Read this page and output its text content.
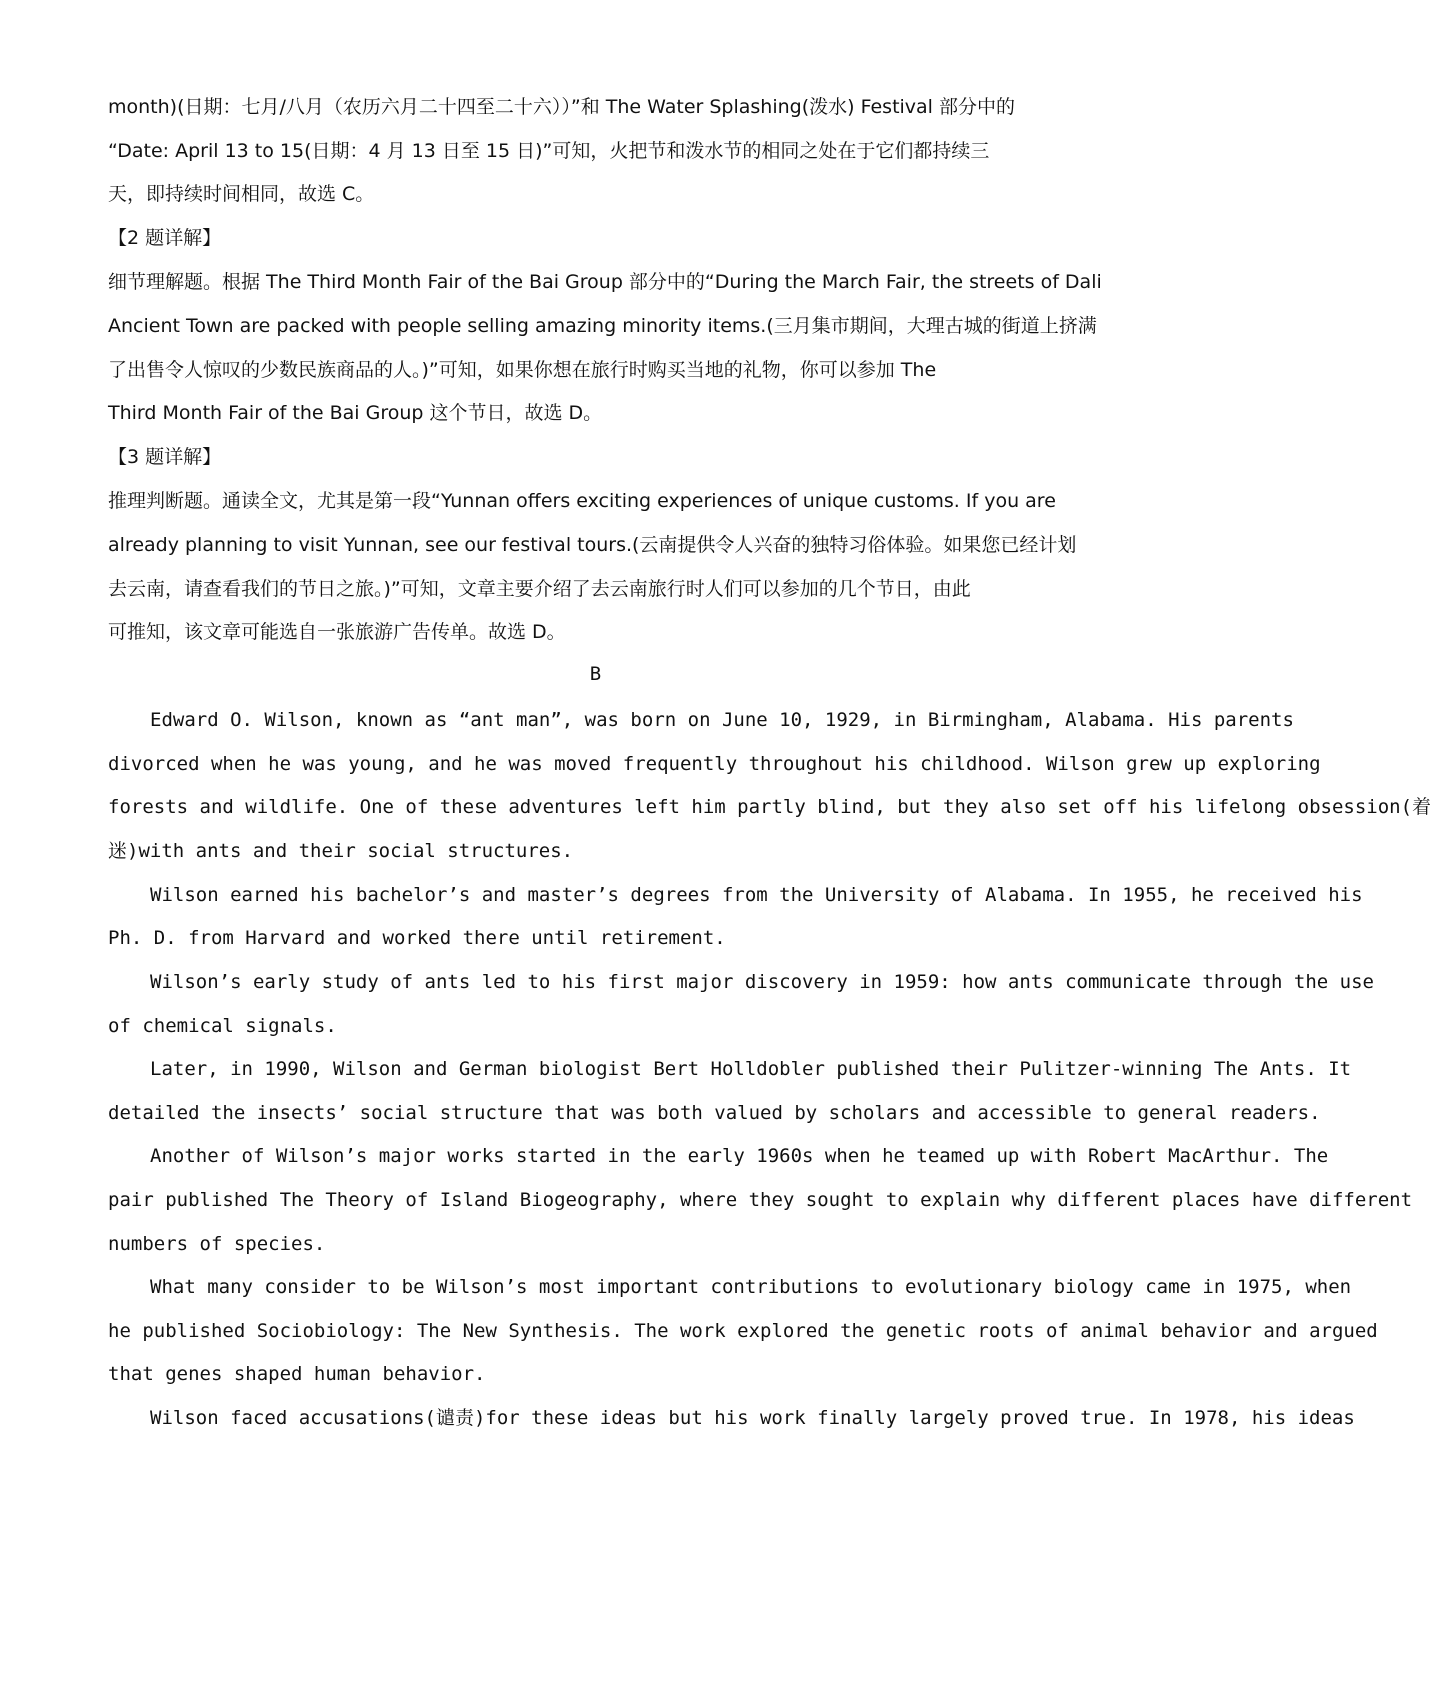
month)(日期：七月/八月（农历六月二十四至二十六））”和 The Water Splashing(泼水) Festival 部分中的
“Date: April 13 to 15(日期：4 月 13 日至 15 日)”可知，火把节和泼水节的相同之处在于它们都持续三
天，即持续时间相同，故选 C。
【2 题详解】
细节理解题。根据 The Third Month Fair of the Bai Group 部分中的“During the March Fair, the streets of Dali
Ancient Town are packed with people selling amazing minority items.(三月集市期间，大理古城的街道上挤满
了出售令人惊叹的少数民族商品的人。)”可知，如果你想在旅行时购买当地的礼物，你可以参加 The
Third Month Fair of the Bai Group 这个节日，故选 D。
【3 题详解】
推理判断题。通读全文，尤其是第一段“Yunnan offers exciting experiences of unique customs. If you are
already planning to visit Yunnan, see our festival tours.(云南提供令人兴奋的独特习俗体验。如果您已经计划
去云南，请查看我们的节日之旅。)”可知，文章主要介绍了去云南旅行时人们可以参加的几个节日，由此
可推知，该文章可能选自一张旅游广告传单。故选 D。
B
Edward O. Wilson, known as “ant man”, was born on June 10, 1929, in Birmingham, Alabama. His parents
divorced when he was young, and he was moved frequently throughout his childhood. Wilson grew up exploring
forests and wildlife. One of these adventures left him partly blind, but they also set off his lifelong obsession(着
迷)with ants and their social structures.
Wilson earned his bachelor’s and master’s degrees from the University of Alabama. In 1955, he received his
Ph. D. from Harvard and worked there until retirement.
Wilson’s early study of ants led to his first major discovery in 1959: how ants communicate through the use
of chemical signals.
Later, in 1990, Wilson and German biologist Bert Holldobler published their Pulitzer-winning The Ants. It
detailed the insects’ social structure that was both valued by scholars and accessible to general readers.
Another of Wilson’s major works started in the early 1960s when he teamed up with Robert MacArthur. The
pair published The Theory of Island Biogeography, where they sought to explain why different places have different
numbers of species.
What many consider to be Wilson’s most important contributions to evolutionary biology came in 1975, when
he published Sociobiology: The New Synthesis. The work explored the genetic roots of animal behavior and argued
that genes shaped human behavior.
Wilson faced accusations(谴责)for these ideas but his work finally largely proved true. In 1978, his ideas
